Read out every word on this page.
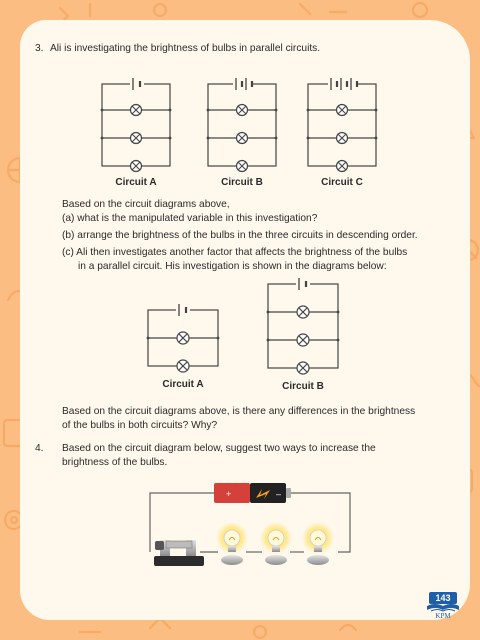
3. Ali is investigating the brightness of bulbs in parallel circuits.
Circuit A	Circuit B	Circuit C
Based on the circuit diagrams above,
(a) what is the manipulated variable in this investigation?
(b) arrange the brightness of the bulbs in the three circuits in descending order.
(c) Ali then investigates another factor that affects the brightness of the bulbs
in a parallel circuit. His investigation is shown in the diagrams below:
Circuit A	Circuit B
Based on the circuit diagrams above, is there any differences in the brightness
of the bulbs in both circuits? Why?
4. Based on the circuit diagram below, suggest two ways to increase the
brightness of the bulbs.
+	–
143
KPM
